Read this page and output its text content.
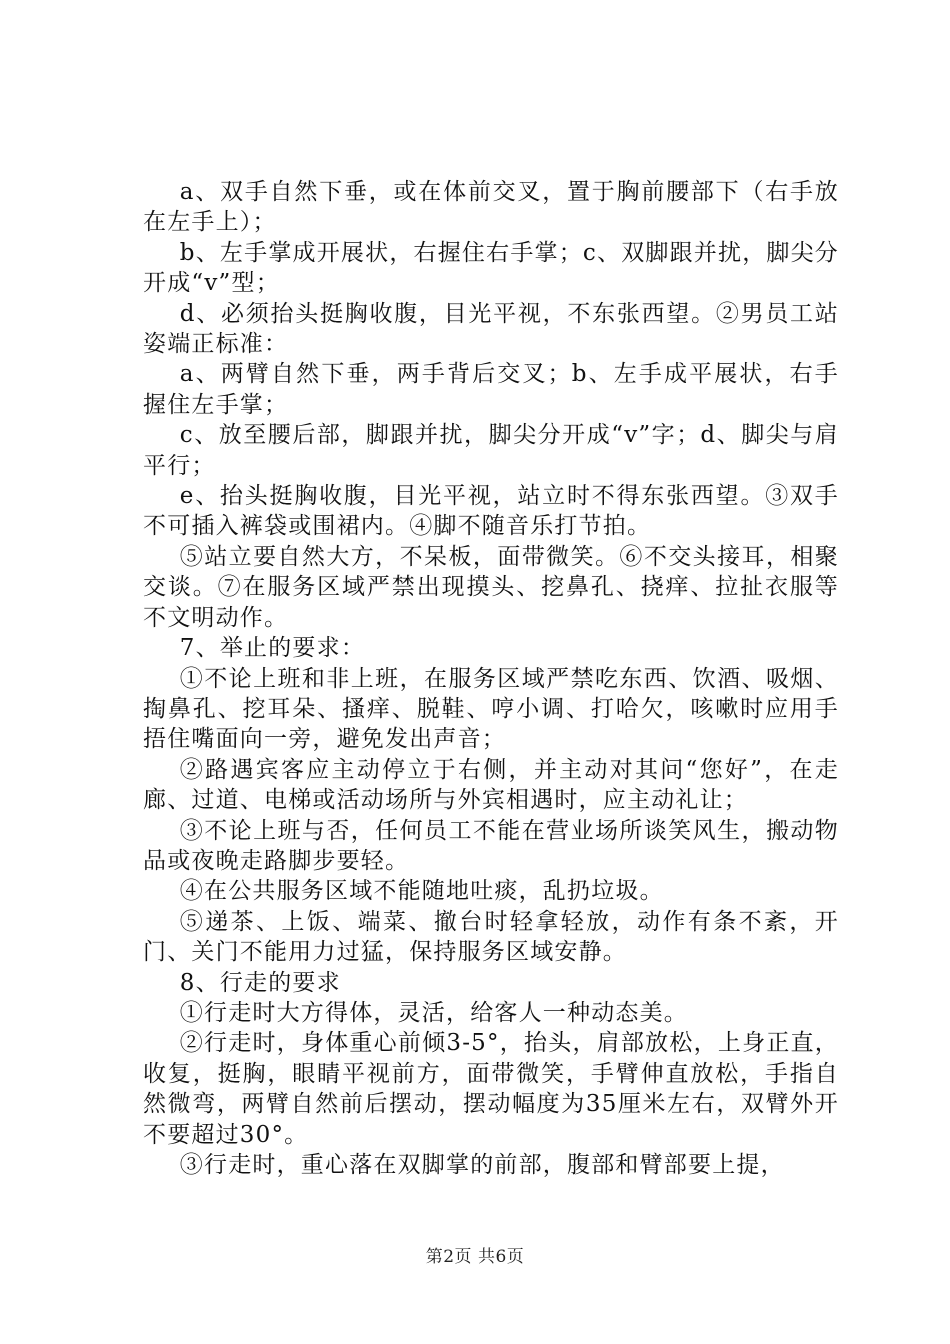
a、双手自然下垂，或在体前交叉，置于胸前腰部下（右手放在左手上）；

b、左手掌成开展状，右握住右手掌；c、双脚跟并扰，脚尖分开成“v”型；

d、必须抬头挺胸收腹，目光平视，不东张西望。②男员工站姿端正标准：

a、两臂自然下垂，两手背后交叉；b、左手成平展状，右手握住左手掌；

c、放至腰后部，脚跟并扰，脚尖分开成“v”字；d、脚尖与肩平行；

e、抬头挺胸收腹，目光平视，站立时不得东张西望。③双手不可插入裤袋或围裙内。④脚不随音乐打节拍。

⑤站立要自然大方，不呆板，面带微笑。⑥不交头接耳，相聚交谈。⑦在服务区域严禁出现摸头、挖鼻孔、挠痒、拉扯衣服等不文明动作。

7、举止的要求：

①不论上班和非上班，在服务区域严禁吃东西、饮酒、吸烟、掏鼻孔、挖耳朵、搔痒、脱鞋、哼小调、打哈欠，咳嗽时应用手捂住嘴面向一旁，避免发出声音；

②路遇宾客应主动停立于右侧，并主动对其问“您好”，在走廊、过道、电梯或活动场所与外宾相遇时，应主动礼让；

③不论上班与否，任何员工不能在营业场所谈笑风生，搬动物品或夜晚走路脚步要轻。

④在公共服务区域不能随地吐痰，乱扔垃圾。

⑤递茶、上饭、端菜、撤台时轻拿轻放，动作有条不紊，开门、关门不能用力过猛，保持服务区域安静。

8、行走的要求

①行走时大方得体，灵活，给客人一种动态美。

②行走时，身体重心前倾3-5°，抬头，肩部放松，上身正直，收复，挺胸，眼睛平视前方，面带微笑，手臂伸直放松，手指自然微弯，两臂自然前后摆动，摆动幅度为35厘米左右，双臂外开不要超过30°。

③行走时，重心落在双脚掌的前部，腹部和臂部要上提，

第2页 共6页
